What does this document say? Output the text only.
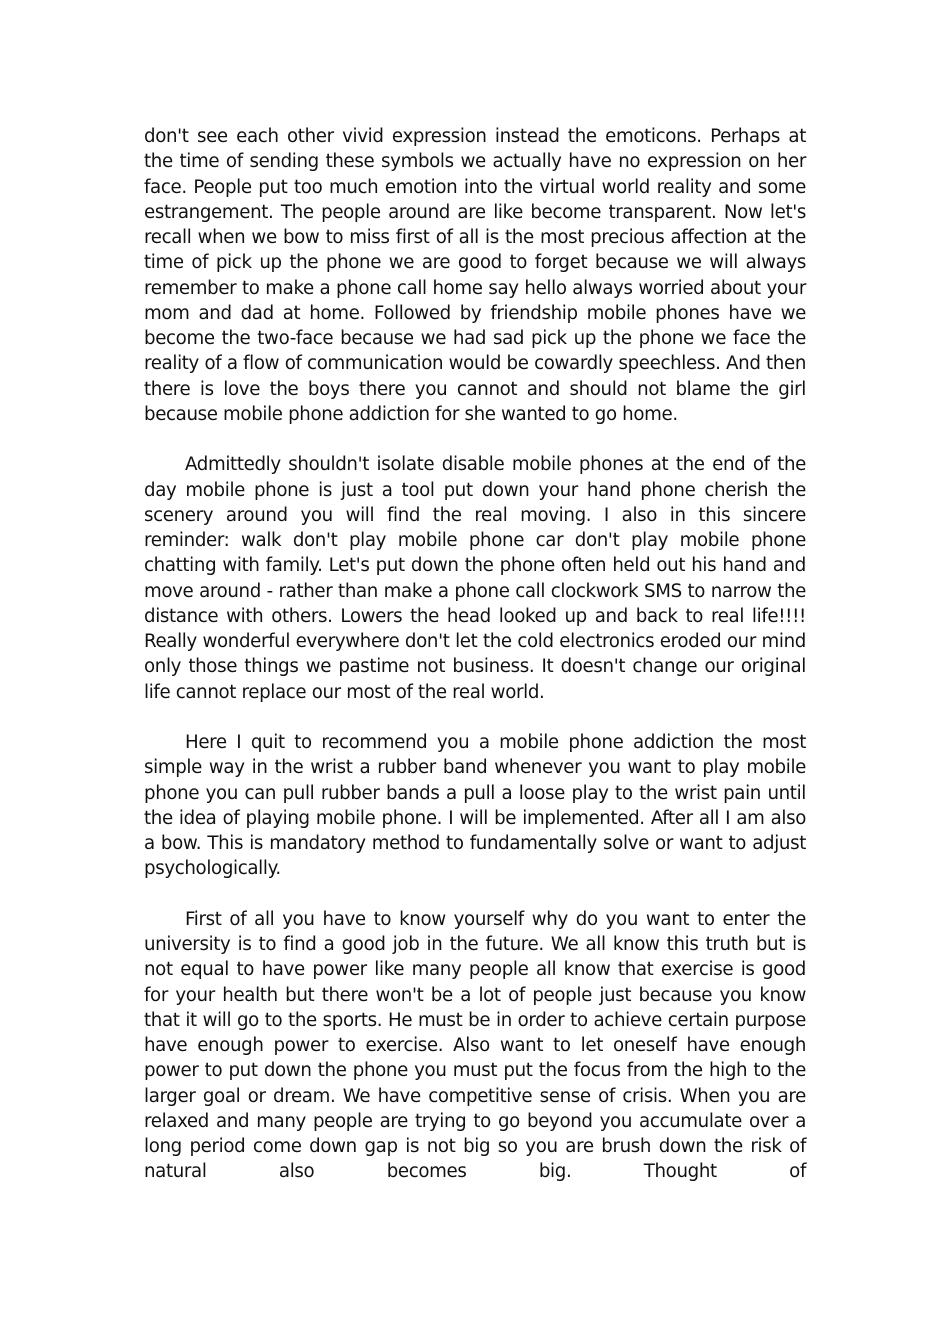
don't see each other vivid expression instead the emoticons. Perhaps at the time of sending these symbols we actually have no expression on her face. People put too much emotion into the virtual world reality and some estrangement. The people around are like become transparent. Now let's recall when we bow to miss first of all is the most precious affection at the time of pick up the phone we are good to forget because we will always remember to make a phone call home say hello always worried about your mom and dad at home. Followed by friendship mobile phones have we become the two-face because we had sad pick up the phone we face the reality of a flow of communication would be cowardly speechless. And then there is love the boys there you cannot and should not blame the girl because mobile phone addiction for she wanted to go home.

Admittedly shouldn't isolate disable mobile phones at the end of the day mobile phone is just a tool put down your hand phone cherish the scenery around you will find the real moving. I also in this sincere reminder: walk don't play mobile phone car don't play mobile phone chatting with family. Let's put down the phone often held out his hand and move around - rather than make a phone call clockwork SMS to narrow the distance with others. Lowers the head looked up and back to real life!!!! Really wonderful everywhere don't let the cold electronics eroded our mind only those things we pastime not business. It doesn't change our original life cannot replace our most of the real world.

Here I quit to recommend you a mobile phone addiction the most simple way in the wrist a rubber band whenever you want to play mobile phone you can pull rubber bands a pull a loose play to the wrist pain until the idea of playing mobile phone. I will be implemented. After all I am also a bow. This is mandatory method to fundamentally solve or want to adjust psychologically.

First of all you have to know yourself why do you want to enter the university is to find a good job in the future. We all know this truth but is not equal to have power like many people all know that exercise is good for your health but there won't be a lot of people just because you know that it will go to the sports. He must be in order to achieve certain purpose have enough power to exercise. Also want to let oneself have enough power to put down the phone you must put the focus from the high to the larger goal or dream. We have competitive sense of crisis. When you are relaxed and many people are trying to go beyond you accumulate over a long period come down gap is not big so you are brush down the risk of natural also becomes big. Thought of
